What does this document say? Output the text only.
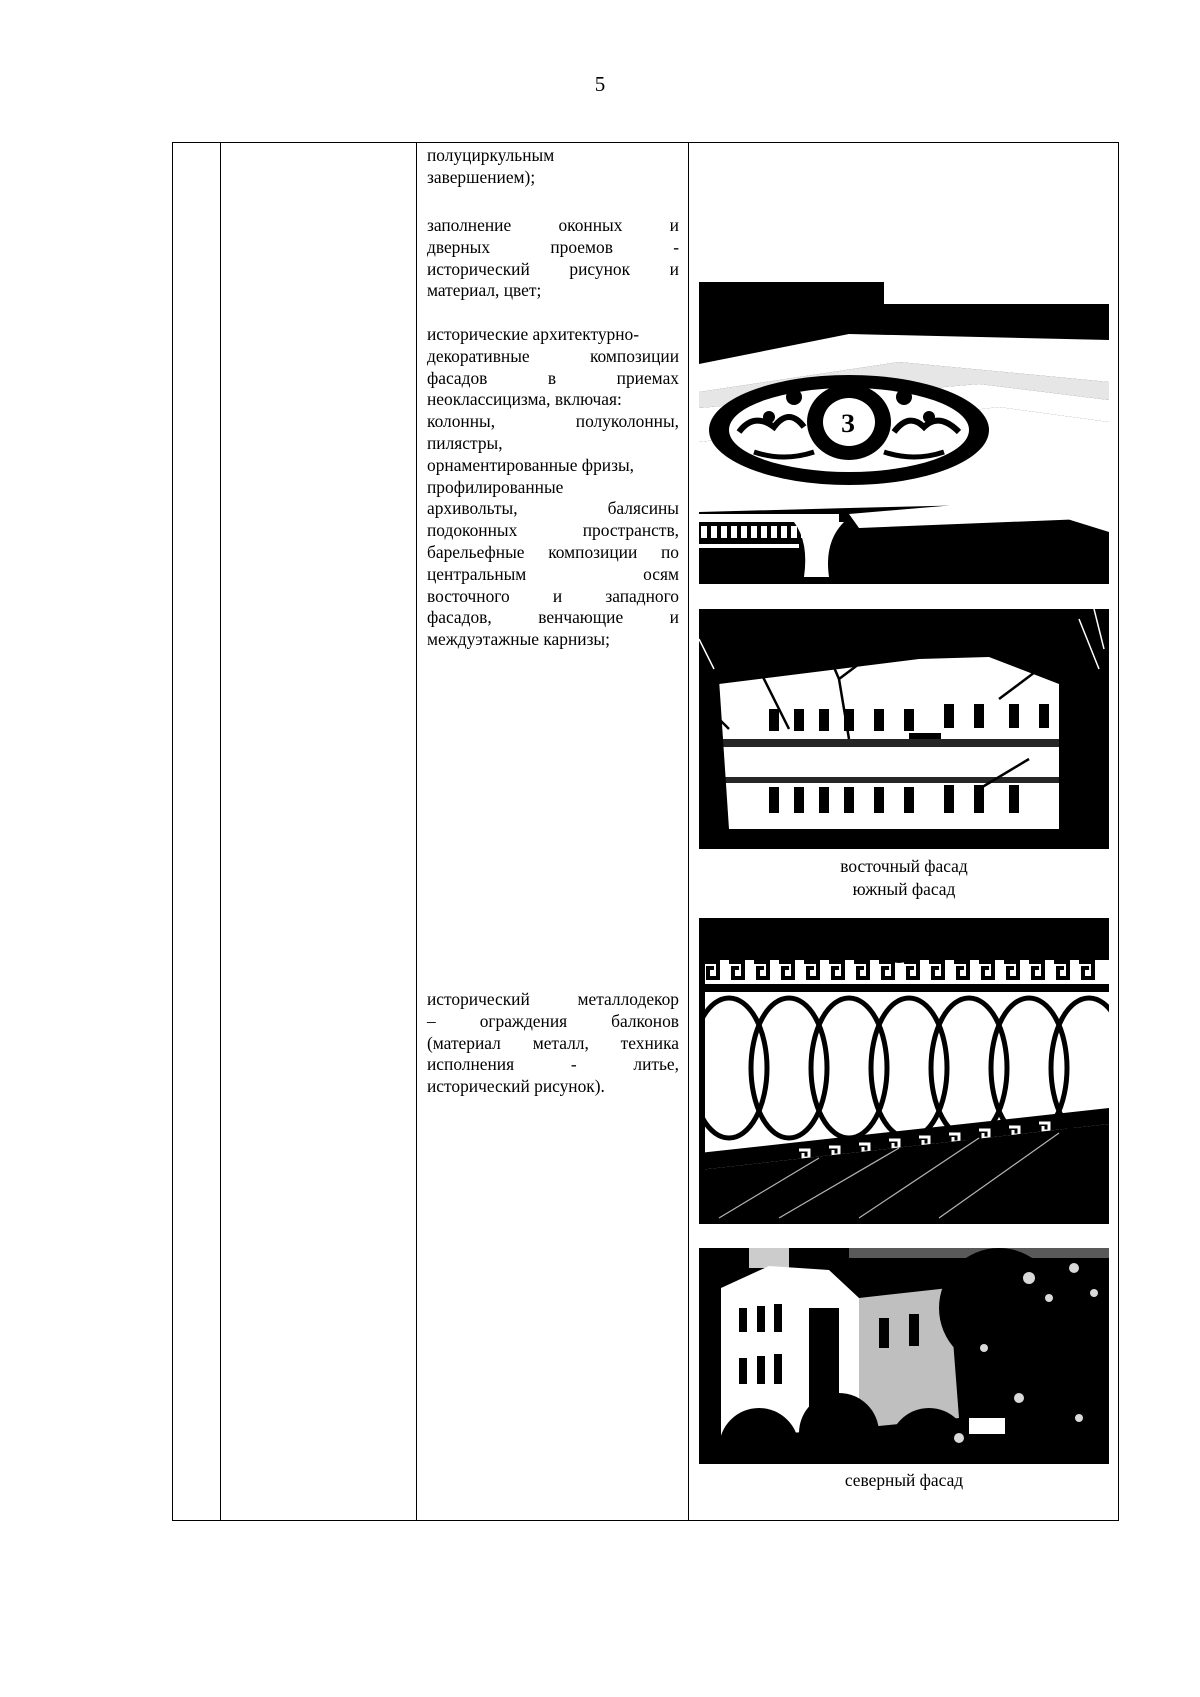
5

полуциркульным
завершением);
заполнение оконных и
дверных проемов -
исторический рисунок и
материал, цвет;
исторические архитектурно-
декоративные композиции
фасадов в приемах
неоклассицизма, включая:
колонны, полуколонны,
пилястры,
орнаментированные фризы,
профилированные
архивольты, балясины
подоконных пространств,
барельефные композиции по
центральным осям
восточного и западного
фасадов, венчающие и
междуэтажные карнизы;
исторический металлодекор
– ограждения балконов
(материал металл, техника
исполнения - литье,
исторический рисунок).

З
восточный фасад
южный фасад
северный фасад
